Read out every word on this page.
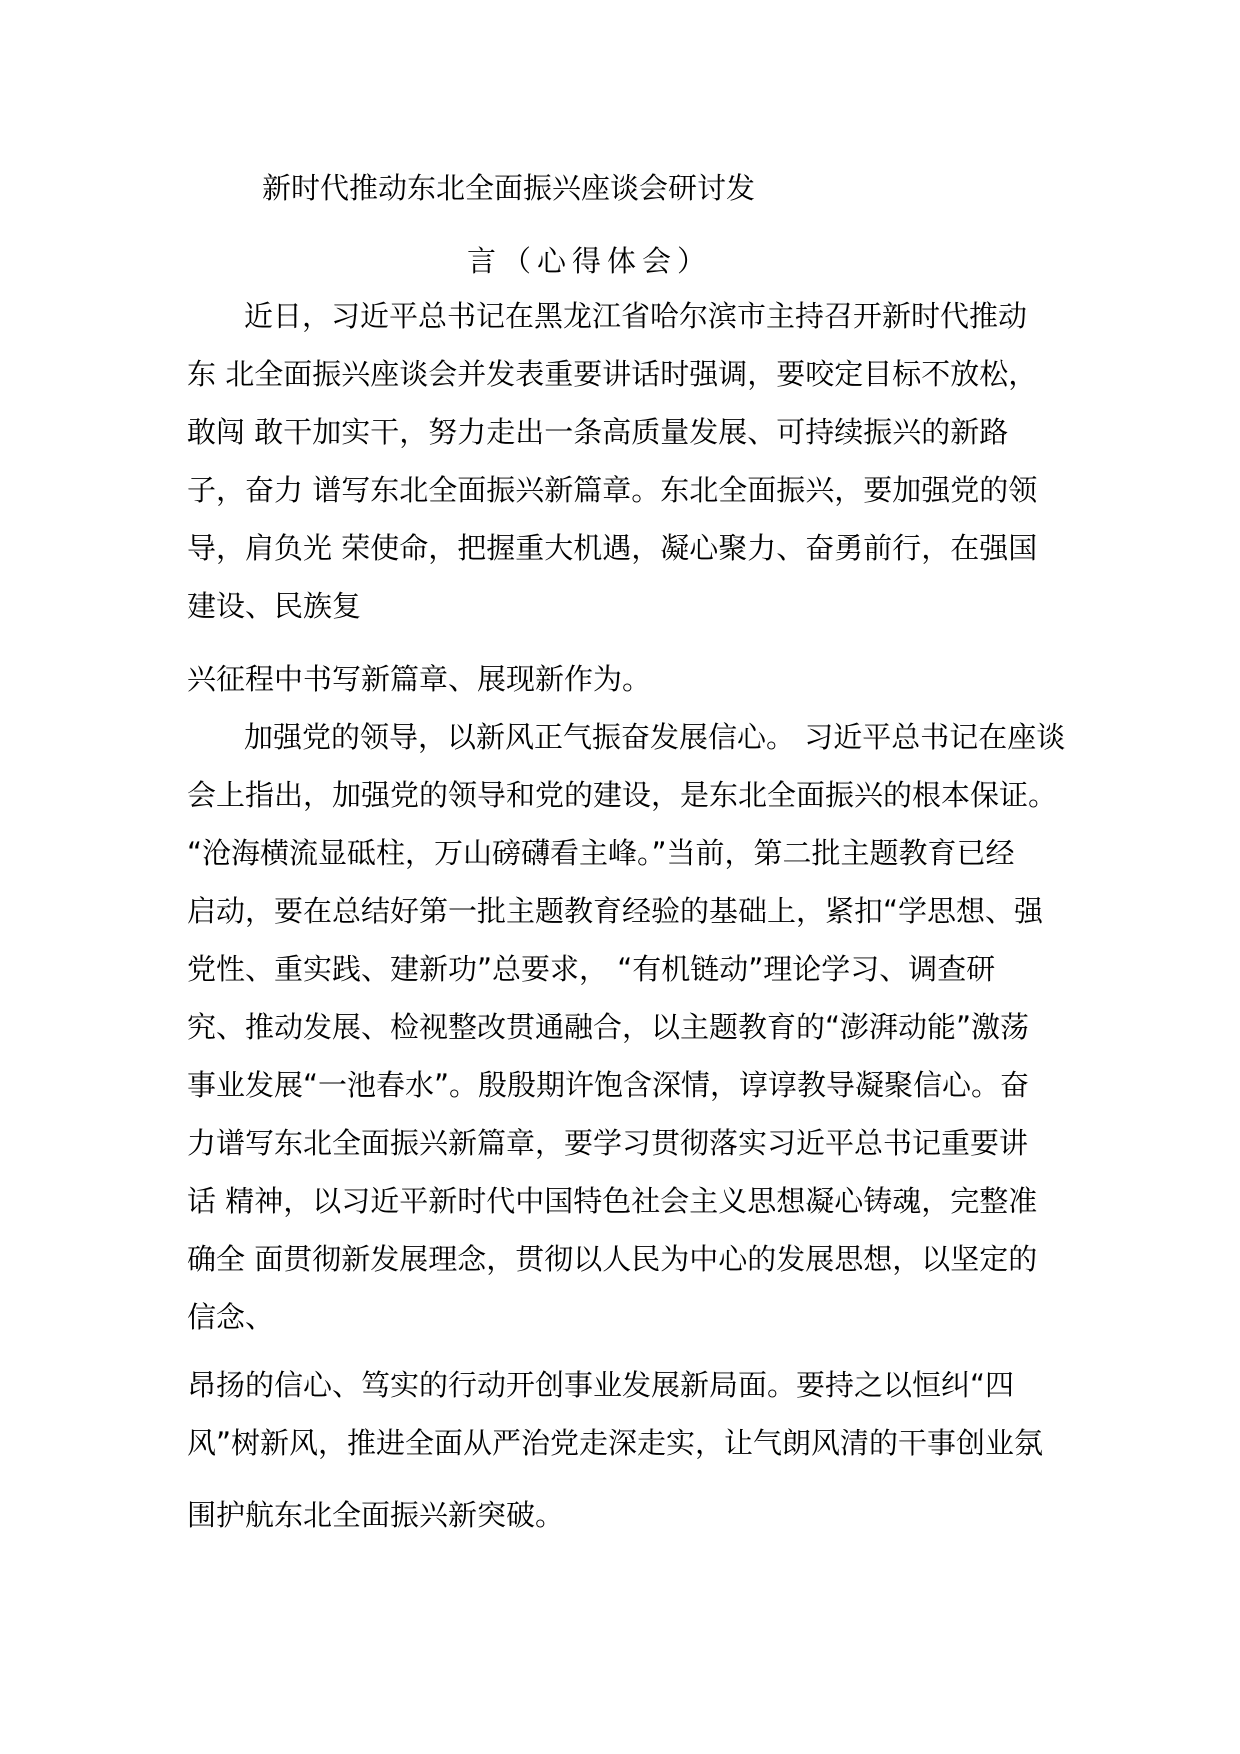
新时代推动东北全面振兴座谈会研讨发
言（心得体会）

近日，习近平总书记在黑龙江省哈尔滨市主持召开新时代推动

东 北全面振兴座谈会并发表重要讲话时强调，要咬定目标不放松，

敢闯 敢干加实干，努力走出一条高质量发展、可持续振兴的新路

子，奋力 谱写东北全面振兴新篇章。东北全面振兴，要加强党的领

导，肩负光 荣使命，把握重大机遇，凝心聚力、奋勇前行，在强国

建设、民族复

兴征程中书写新篇章、展现新作为。

加强党的领导，以新风正气振奋发展信心。 习近平总书记在座谈

会上指出，加强党的领导和党的建设，是东北全面振兴的根本保证。

“沧海横流显砥柱，万山磅礴看主峰。”当前，第二批主题教育已经

启动，要在总结好第一批主题教育经验的基础上，紧扣“学思想、强

党性、重实践、建新功”总要求， “有机链动”理论学习、调查研

究、推动发展、检视整改贯通融合，以主题教育的“澎湃动能”激荡

事业发展“一池春水”。殷殷期许饱含深情，谆谆教导凝聚信心。奋

力谱写东北全面振兴新篇章，要学习贯彻落实习近平总书记重要讲

话 精神，以习近平新时代中国特色社会主义思想凝心铸魂，完整准

确全 面贯彻新发展理念，贯彻以人民为中心的发展思想，以坚定的

信念、

昂扬的信心、笃实的行动开创事业发展新局面。要持之以恒纠“四

风”树新风，推进全面从严治党走深走实，让气朗风清的干事创业氛

围护航东北全面振兴新突破。
